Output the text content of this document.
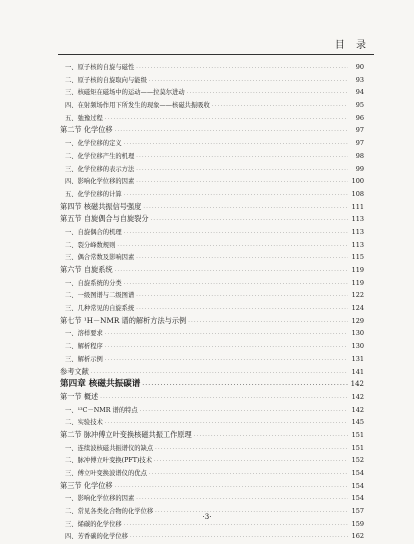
目 录
一、原子核的自旋与磁性 ·····	90
二、原子核的自旋取向与能级 ·····	93
三、核磁矩在磁场中的运动——拉莫尔进动 ·····	94
四、在射频场作用下所发生的现象——核磁共振吸收 ·····	95
五、弛豫过程 ·····	96
第二节 化学位移 ·····	97
一、化学位移的定义 ·····	97
二、化学位移产生的机理 ·····	98
三、化学位移的表示方法 ·····	99
四、影响化学位移的因素 ·····	100
五、化学位移的计算 ·····	108
第四节 核磁共振信号强度 ·····	111
第五节 自旋偶合与自旋裂分 ·····	113
一、自旋偶合的机理 ·····	113
二、裂分峰数规则 ·····	113
三、偶合常数及影响因素 ·····	115
第六节 自旋系统 ·····	119
一、自旋系统的分类 ·····	119
二、一级图谱与二级图谱 ·····	122
三、几种常见的自旋系统 ·····	124
第七节 ¹H－NMR 谱的解析方法与示例 ·····	129
一、溶样要求 ·····	130
二、解析程序 ·····	130
三、解析示例 ·····	131
参考文献 ·····	141
第四章 核磁共振碳谱 ·····	142
第一节 概述 ·····	142
一、¹³C－NMR 谱的特点 ·····	142
二、实验技术 ·····	145
第二节 脉冲傅立叶变换核磁共振工作原理 ·····	151
一、连续波核磁共振谱仪的缺点 ·····	151
二、脉冲傅立叶变换(PFT)技术 ·····	152
三、傅立叶变换波谱仪的优点 ·····	154
第三节 化学位移 ·····	154
一、影响化学位移的因素 ·····	154
二、常见各类化合物的化学位移 ·····	157
三、烯碳的化学位移 ·····	159
四、芳香碳的化学位移 ·····	162
·3·
